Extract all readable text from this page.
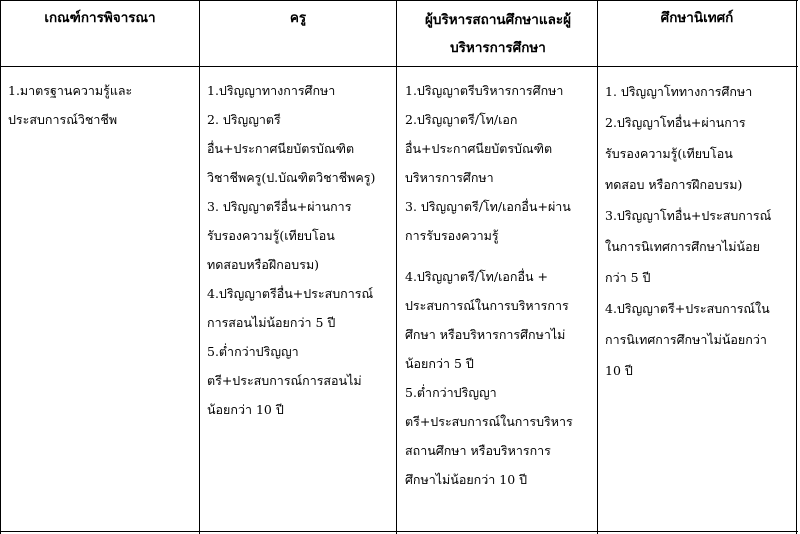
เกณฑ์การพิจารณา	ครู	ผู้บริหารสถานศึกษาและผู้บริหารการศึกษา
ศึกษานิเทศก์
1.มาตรฐานความรู้และ
ประสบการณ์วิชาชีพ
1.ปริญญาทางการศึกษา
2. ปริญญาตรี
อื่น+ประกาศนียบัตรบัณฑิต
วิชาชีพครู(ป.บัณฑิตวิชาชีพครู)
3. ปริญญาตรีอื่น+ผ่านการ
รับรองความรู้(เทียบโอน
ทดสอบหรือฝึกอบรม)
4.ปริญญาตรีอื่น+ประสบการณ์
การสอนไม่น้อยกว่า 5 ปี
5.ต่ำกว่าปริญญา
ตรี+ประสบการณ์การสอนไม่
น้อยกว่า 10 ปี
1.ปริญญาตรีบริหารการศึกษา
2.ปริญญาตรี/โท/เอก
อื่น+ประกาศนียบัตรบัณฑิต
บริหารการศึกษา
3. ปริญญาตรี/โท/เอกอื่น+ผ่าน
การรับรองความรู้
4.ปริญญาตรี/โท/เอกอื่น +
ประสบการณ์ในการบริหารการ
ศึกษา หรือบริหารการศึกษาไม่
น้อยกว่า 5 ปี
5.ต่ำกว่าปริญญา
ตรี+ประสบการณ์ในการบริหาร
สถานศึกษา หรือบริหารการ
ศึกษาไม่น้อยกว่า 10 ปี
1. ปริญญาโททางการศึกษา
2.ปริญญาโทอื่น+ผ่านการ
รับรองความรู้(เทียบโอน
ทดสอบ หรือการฝึกอบรม)
3.ปริญญาโทอื่น+ประสบการณ์
ในการนิเทศการศึกษาไม่น้อย
กว่า 5 ปี
4.ปริญญาตรี+ประสบการณ์ใน
การนิเทศการศึกษาไม่น้อยกว่า
10 ปี
